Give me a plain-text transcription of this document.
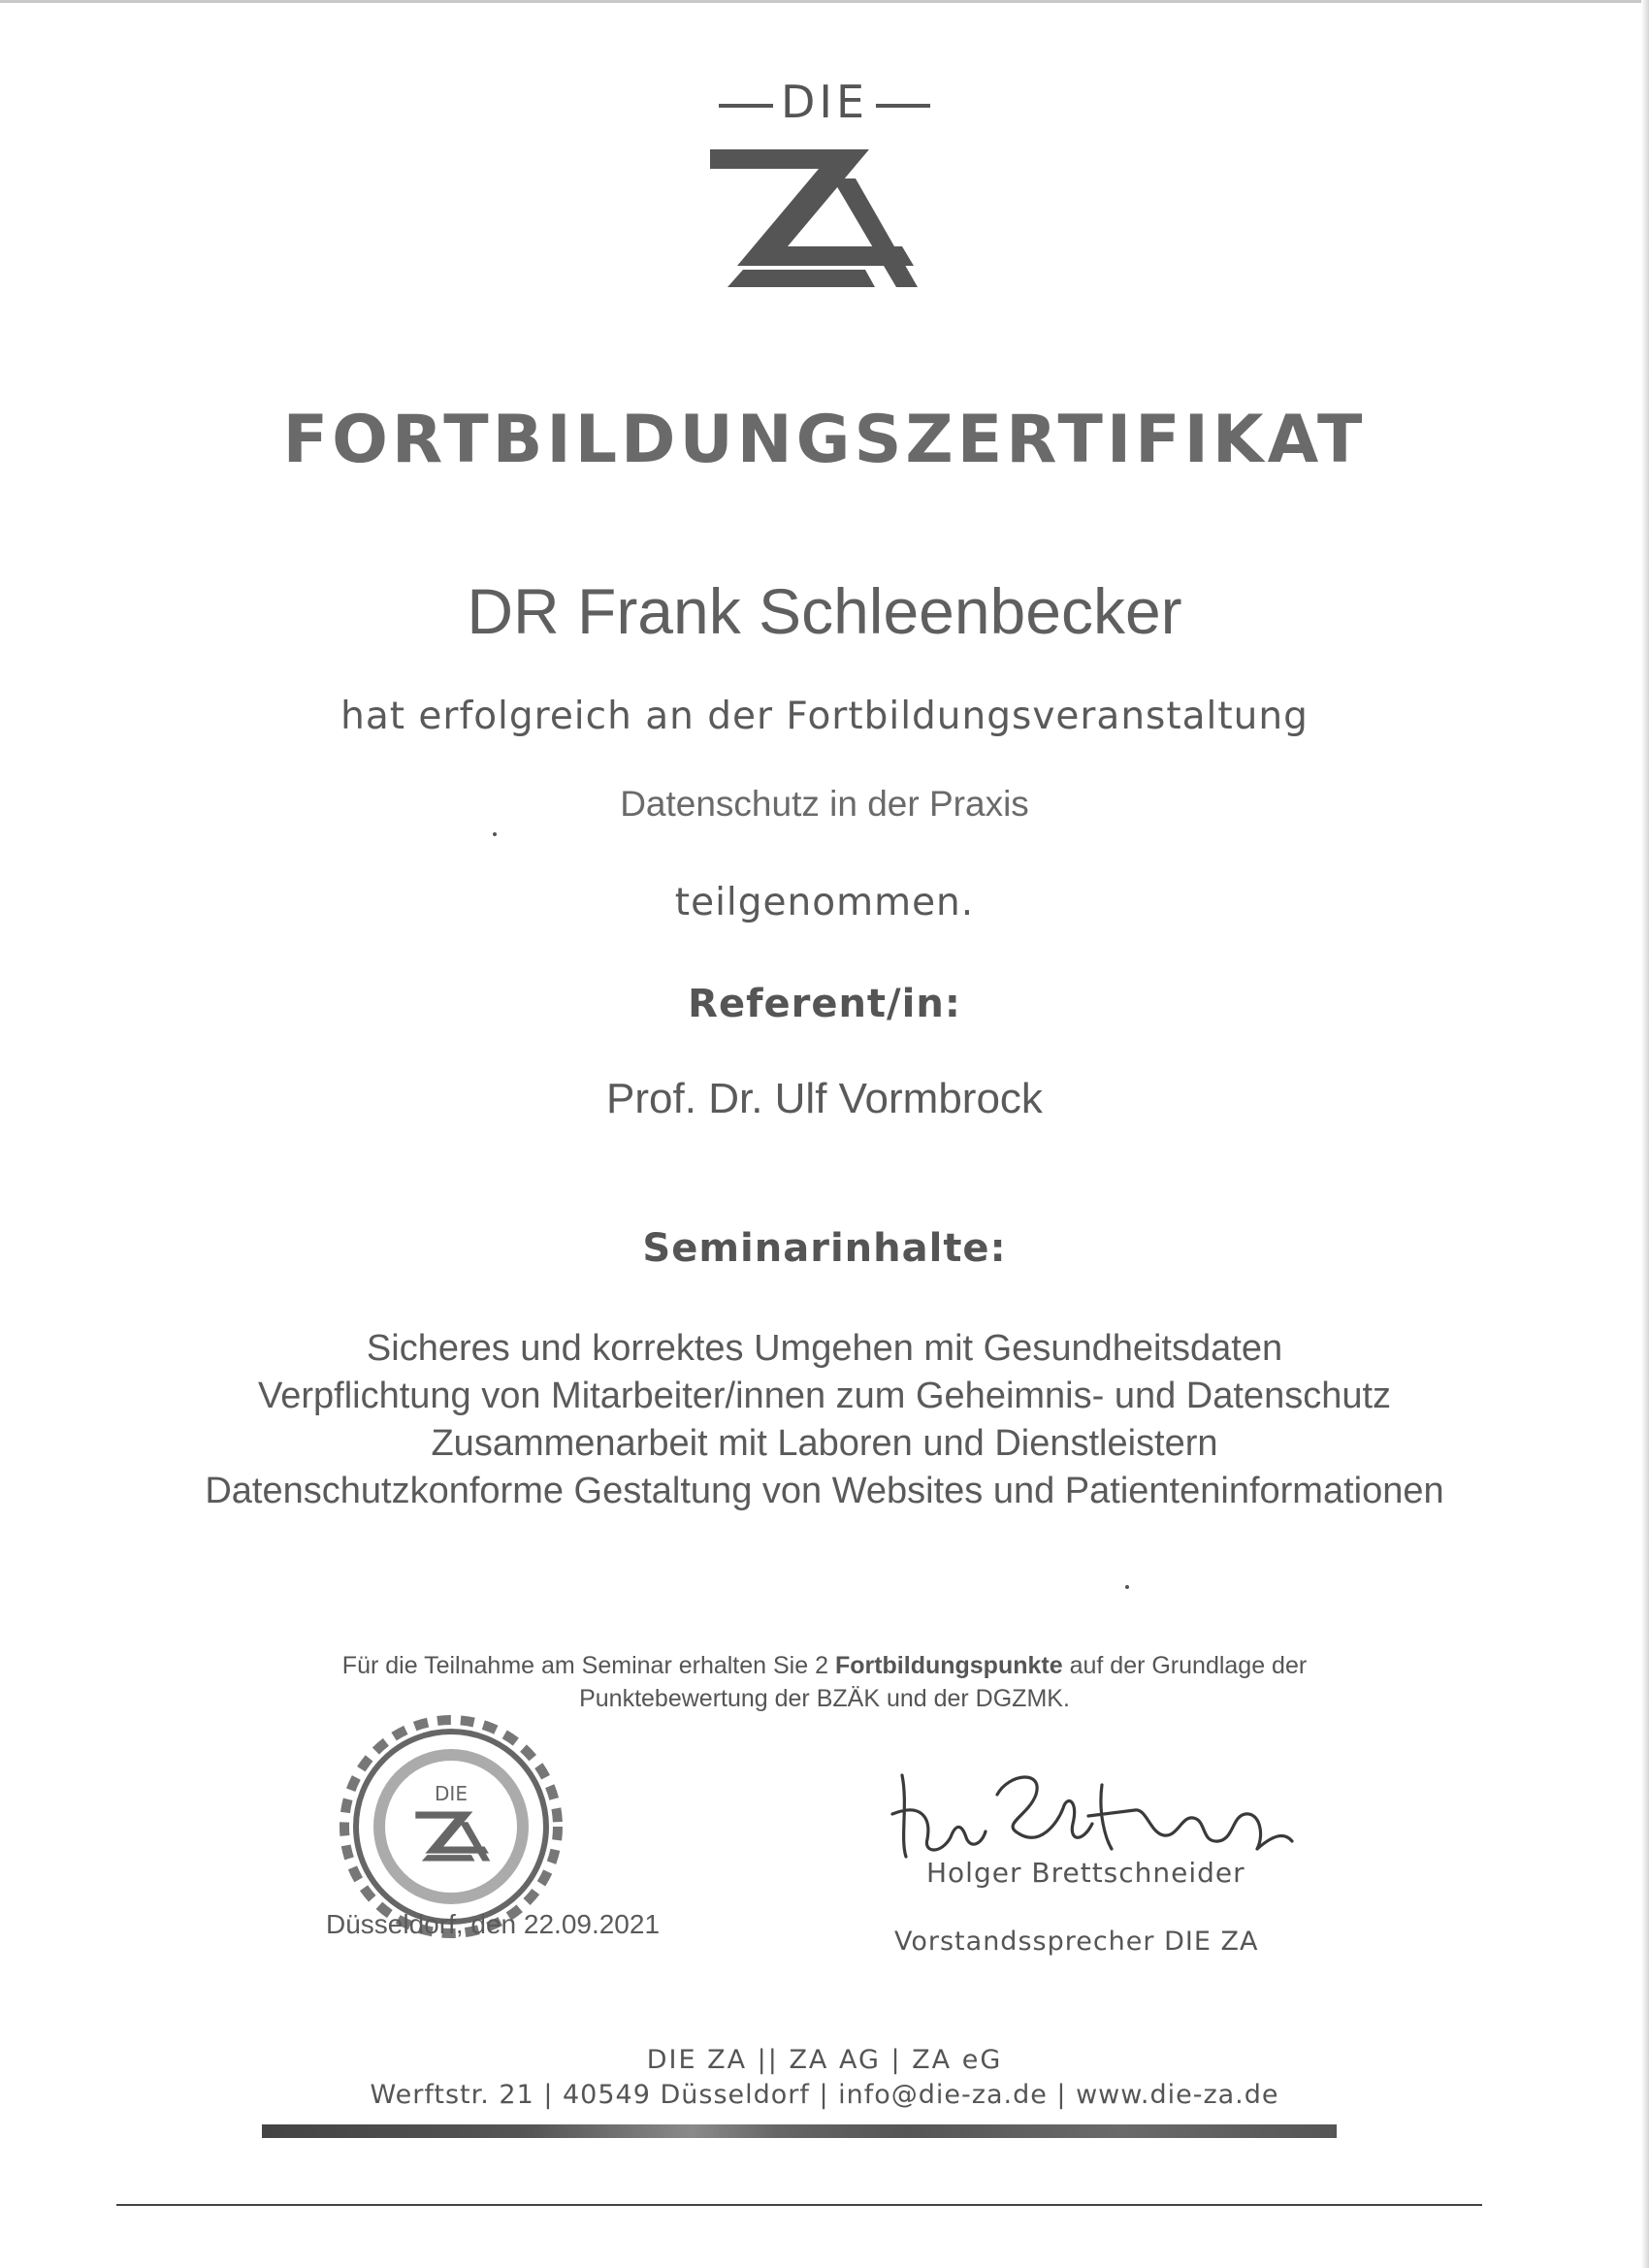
DIE
FORTBILDUNGSZERTIFIKAT
DR Frank Schleenbecker
hat erfolgreich an der Fortbildungsveranstaltung
Datenschutz in der Praxis
teilgenommen.
Referent/in:
Prof. Dr. Ulf Vormbrock
Seminarinhalte:
Sicheres und korrektes Umgehen mit Gesundheitsdaten
Verpflichtung von Mitarbeiter/innen zum Geheimnis- und Datenschutz
Zusammenarbeit mit Laboren und Dienstleistern
Datenschutzkonforme Gestaltung von Websites und Patienteninformationen
Für die Teilnahme am Seminar erhalten Sie 2 Fortbildungspunkte auf der Grundlage der
Punktebewertung der BZÄK und der DGZMK.
DIE
Düsseldorf, den 22.09.2021
Holger Brettschneider
Vorstandssprecher DIE ZA
DIE ZA || ZA AG | ZA eG
Werftstr. 21 | 40549 Düsseldorf | info@die-za.de | www.die-za.de
